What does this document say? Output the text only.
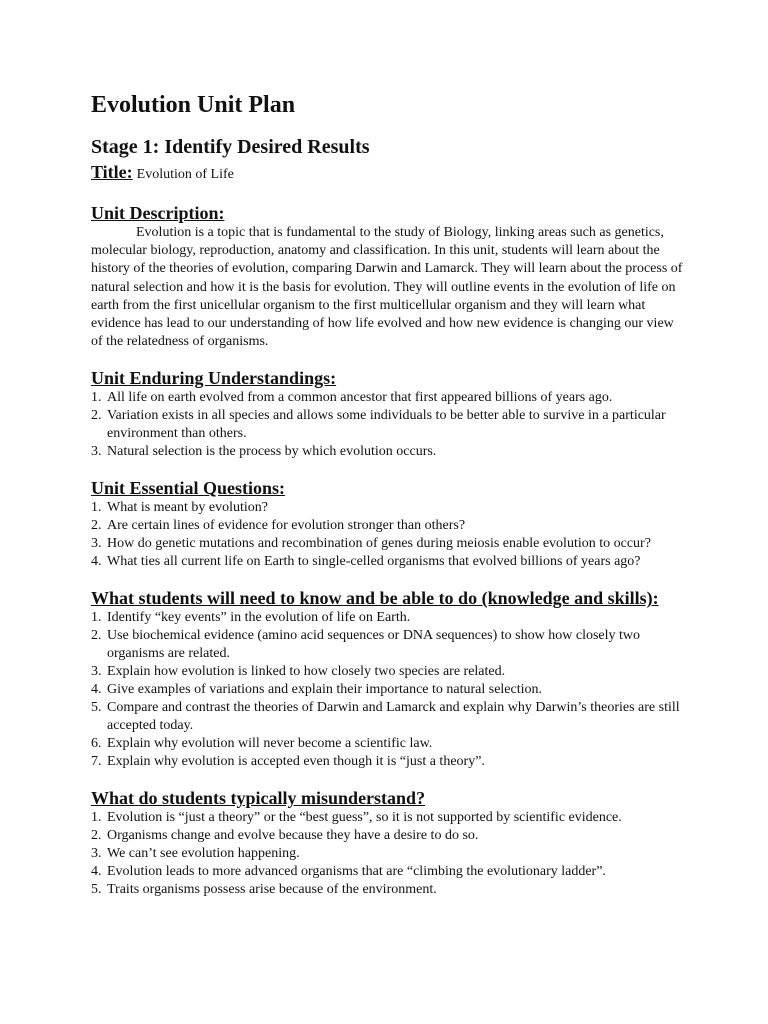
Evolution Unit Plan
Stage 1: Identify Desired Results
Title: Evolution of Life
Unit Description:

Evolution is a topic that is fundamental to the study of Biology, linking areas such as genetics, molecular biology, reproduction, anatomy and classification. In this unit, students will learn about the history of the theories of evolution, comparing Darwin and Lamarck. They will learn about the process of natural selection and how it is the basis for evolution. They will outline events in the evolution of life on earth from the first unicellular organism to the first multicellular organism and they will learn what evidence has lead to our understanding of how life evolved and how new evidence is changing our view of the relatedness of organisms.

Unit Enduring Understandings:
1. All life on earth evolved from a common ancestor that first appeared billions of years ago.
2. Variation exists in all species and allows some individuals to be better able to survive in a particular environment than others.
3. Natural selection is the process by which evolution occurs.
Unit Essential Questions:
1. What is meant by evolution?
2. Are certain lines of evidence for evolution stronger than others?
3. How do genetic mutations and recombination of genes during meiosis enable evolution to occur?
4. What ties all current life on Earth to single-celled organisms that evolved billions of years ago?
What students will need to know and be able to do (knowledge and skills):
1. Identify “key events” in the evolution of life on Earth.
2. Use biochemical evidence (amino acid sequences or DNA sequences) to show how closely two organisms are related.
3. Explain how evolution is linked to how closely two species are related.
4. Give examples of variations and explain their importance to natural selection.
5. Compare and contrast the theories of Darwin and Lamarck and explain why Darwin’s theories are still accepted today.
6. Explain why evolution will never become a scientific law.
7. Explain why evolution is accepted even though it is “just a theory”.
What do students typically misunderstand?
1. Evolution is “just a theory” or the “best guess”, so it is not supported by scientific evidence.
2. Organisms change and evolve because they have a desire to do so.
3. We can’t see evolution happening.
4. Evolution leads to more advanced organisms that are “climbing the evolutionary ladder”.
5. Traits organisms possess arise because of the environment.
